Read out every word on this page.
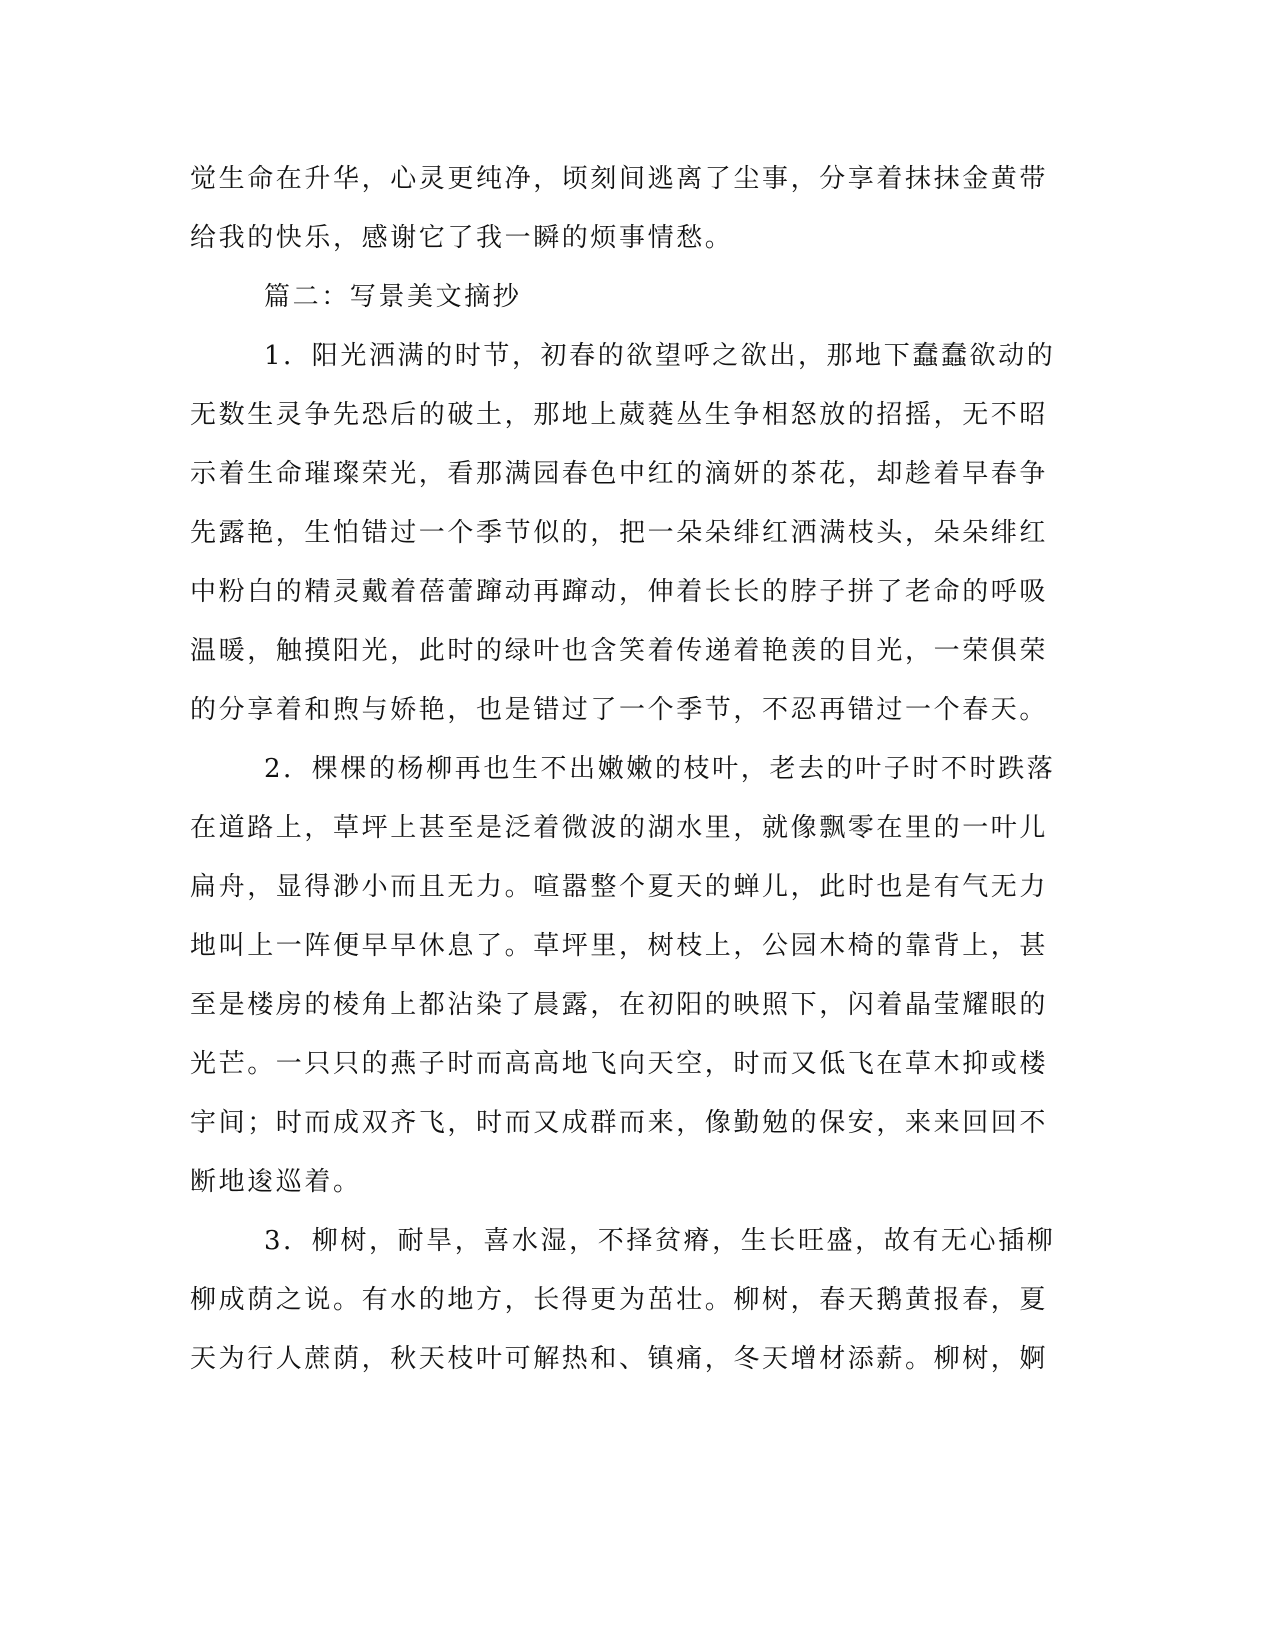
觉生命在升华，心灵更纯净，顷刻间逃离了尘事，分享着抹抹金黄带

给我的快乐，感谢它了我一瞬的烦事情愁。

篇二：写景美文摘抄

1．阳光洒满的时节，初春的欲望呼之欲出，那地下蠢蠢欲动的

无数生灵争先恐后的破土，那地上葳蕤丛生争相怒放的招摇，无不昭

示着生命璀璨荣光，看那满园春色中红的滴妍的茶花，却趁着早春争

先露艳，生怕错过一个季节似的，把一朵朵绯红洒满枝头，朵朵绯红

中粉白的精灵戴着蓓蕾蹿动再蹿动，伸着长长的脖子拼了老命的呼吸

温暖，触摸阳光，此时的绿叶也含笑着传递着艳羡的目光，一荣俱荣

的分享着和煦与娇艳，也是错过了一个季节，不忍再错过一个春天。

2．棵棵的杨柳再也生不出嫩嫩的枝叶，老去的叶子时不时跌落

在道路上，草坪上甚至是泛着微波的湖水里，就像飘零在里的一叶儿

扁舟，显得渺小而且无力。喧嚣整个夏天的蝉儿，此时也是有气无力

地叫上一阵便早早休息了。草坪里，树枝上，公园木椅的靠背上，甚

至是楼房的棱角上都沾染了晨露，在初阳的映照下，闪着晶莹耀眼的

光芒。一只只的燕子时而高高地飞向天空，时而又低飞在草木抑或楼

宇间；时而成双齐飞，时而又成群而来，像勤勉的保安，来来回回不

断地逡巡着。

3．柳树，耐旱，喜水湿，不择贫瘠，生长旺盛，故有无心插柳

柳成荫之说。有水的地方，长得更为茁壮。柳树，春天鹅黄报春，夏

天为行人蔗荫，秋天枝叶可解热和、镇痛，冬天增材添薪。柳树，婀
